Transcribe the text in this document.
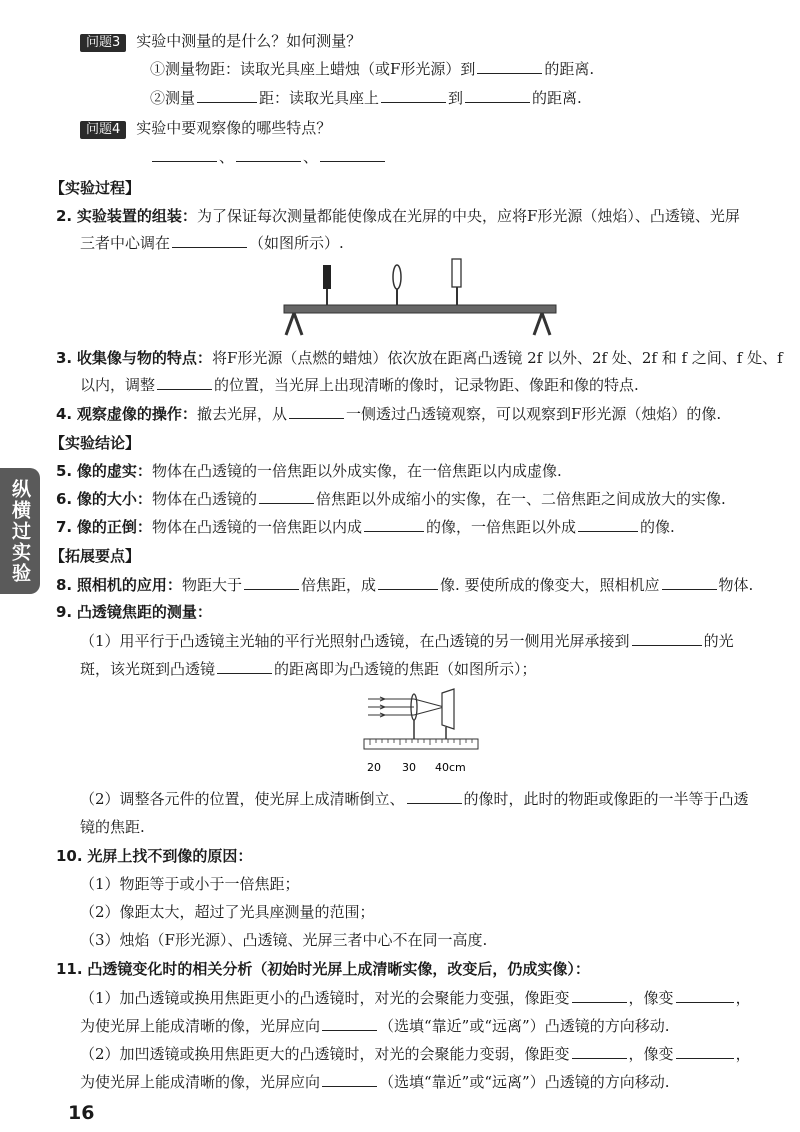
问题3 实验中测量的是什么？如何测量？
①测量物距：读取光具座上蜡烛（或F形光源）到	的距离.
②测量	距：读取光具座上	到	的距离.
问题4 实验中要观察像的哪些特点？
、	、
【实验过程】
2. 实验装置的组装：为了保证每次测量都能使像成在光屏的中央，应将F形光源（烛焰）、凸透镜、光屏
三者中心调在	（如图所示）.
3. 收集像与物的特点：将F形光源（点燃的蜡烛）依次放在距离凸透镜 2f 以外、2f 处、2f 和 f 之间、f 处、f
以内，调整	的位置，当光屏上出现清晰的像时，记录物距、像距和像的特点.
4. 观察虚像的操作：撤去光屏，从	一侧透过凸透镜观察，可以观察到F形光源（烛焰）的像.
【实验结论】
5. 像的虚实：物体在凸透镜的一倍焦距以外成实像，在一倍焦距以内成虚像.
6. 像的大小：物体在凸透镜的	倍焦距以外成缩小的实像，在一、二倍焦距之间成放大的实像.
7. 像的正倒：物体在凸透镜的一倍焦距以内成	的像，一倍焦距以外成	的像.
【拓展要点】
8. 照相机的应用：物距大于	倍焦距，成	像. 要使所成的像变大，照相机应	物体.
9. 凸透镜焦距的测量：
（1）用平行于凸透镜主光轴的平行光照射凸透镜，在凸透镜的另一侧用光屏承接到	的光
斑，该光斑到凸透镜	的距离即为凸透镜的焦距（如图所示）；
20 30 40cm
（2）调整各元件的位置，使光屏上成清晰倒立、	的像时，此时的物距或像距的一半等于凸透
镜的焦距.
10. 光屏上找不到像的原因：
（1）物距等于或小于一倍焦距；
（2）像距太大，超过了光具座测量的范围；
（3）烛焰（F形光源）、凸透镜、光屏三者中心不在同一高度.
11. 凸透镜变化时的相关分析（初始时光屏上成清晰实像，改变后，仍成实像）：
（1）加凸透镜或换用焦距更小的凸透镜时，对光的会聚能力变强，像距变	，像变	，
为使光屏上能成清晰的像，光屏应向	（选填“靠近”或“远离”）凸透镜的方向移动.
（2）加凹透镜或换用焦距更大的凸透镜时，对光的会聚能力变弱，像距变	，像变	，
为使光屏上能成清晰的像，光屏应向	（选填“靠近”或“远离”）凸透镜的方向移动.
纵横过实验
16
